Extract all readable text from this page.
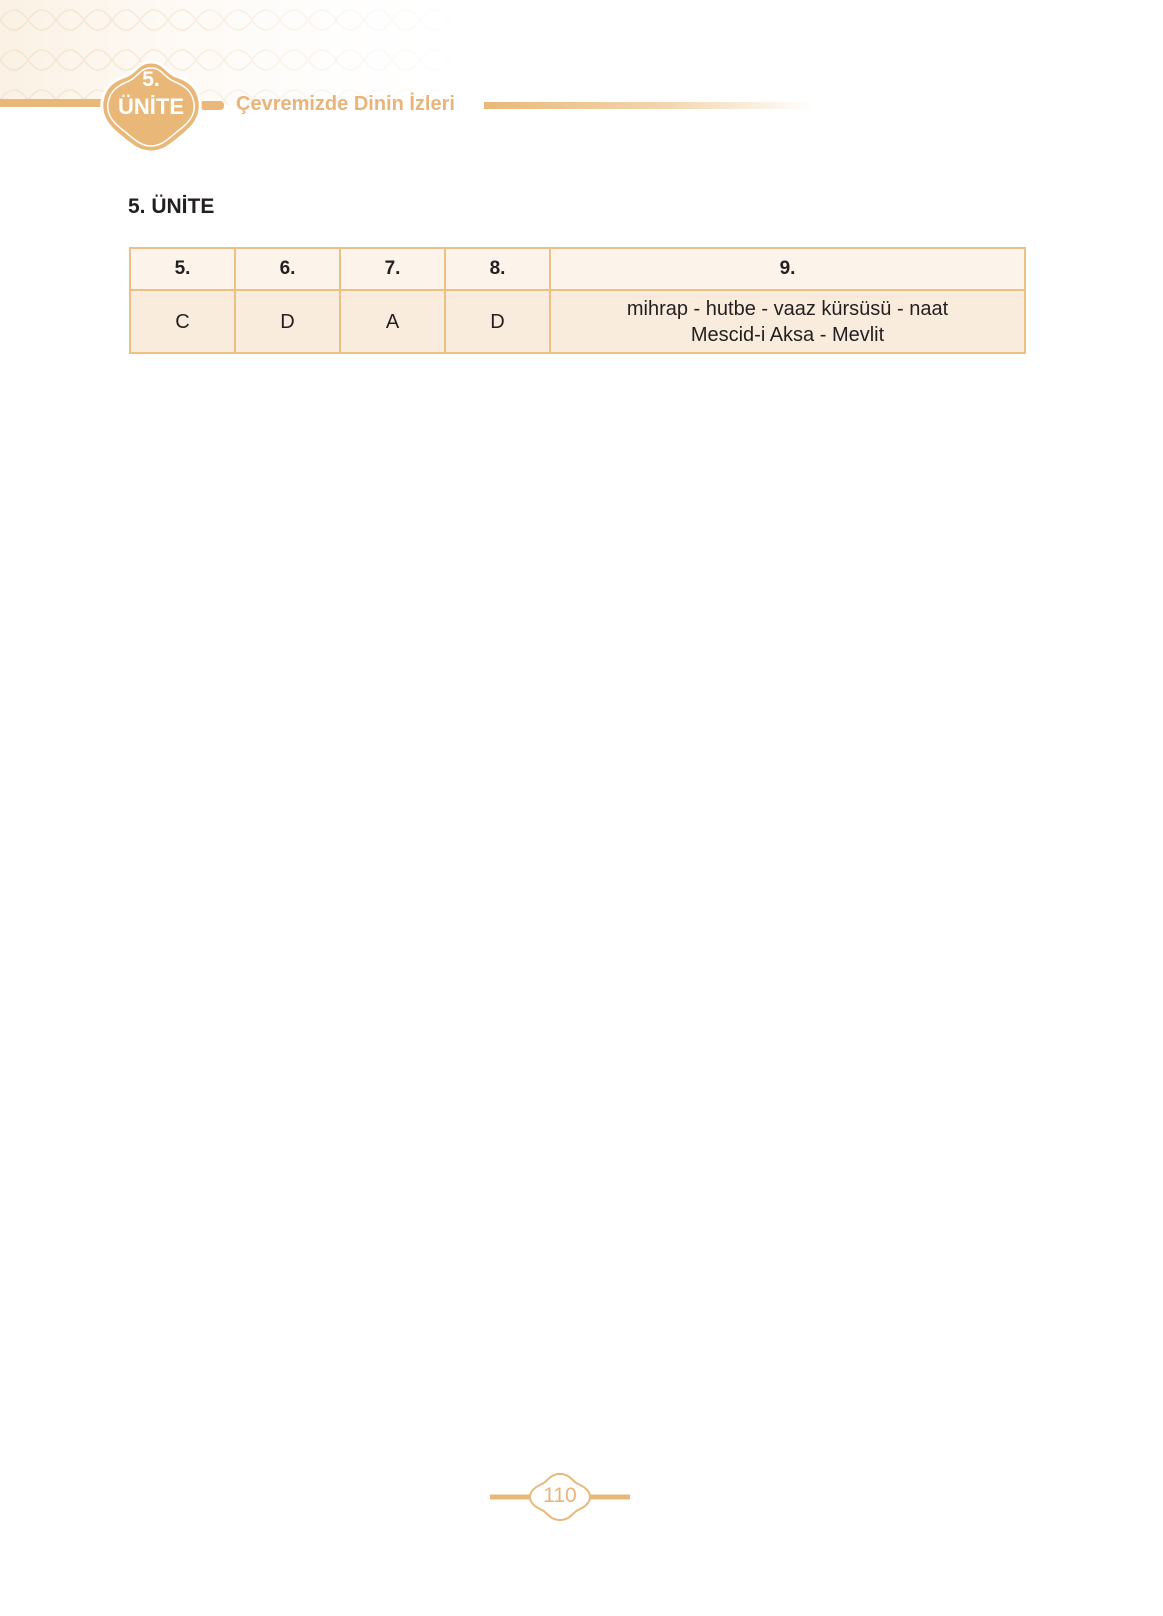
5.
ÜNİTE	Çevremizde Dinin İzleri
5. ÜNİTE
5.	6.	7.	8.	9.
C	D	A	D	mihrap - hutbe - vaaz kürsüsü - naat
Mescid-i Aksa - Mevlit
110
